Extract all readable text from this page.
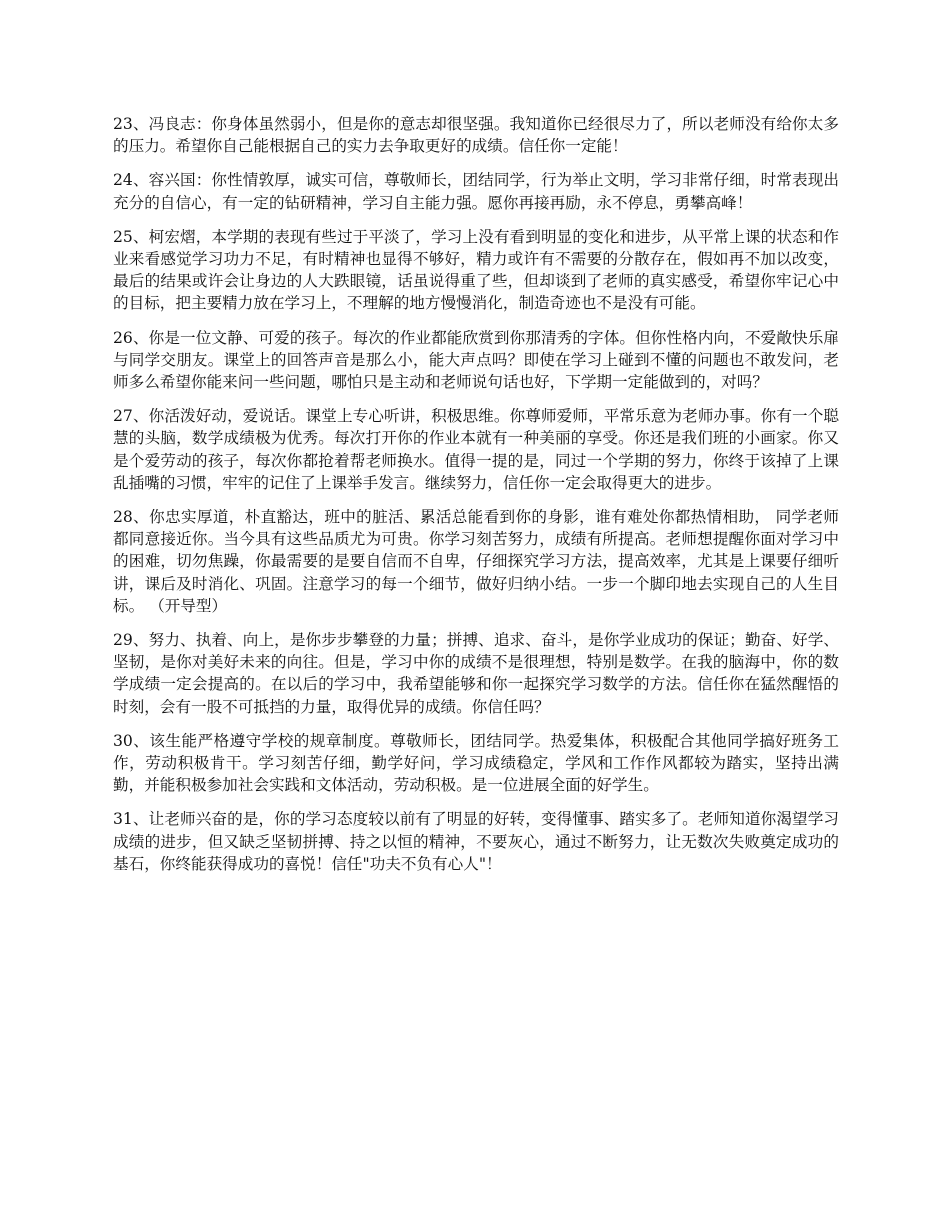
23、冯良志：你身体虽然弱小，但是你的意志却很坚强。我知道你已经很尽力了，所以老师没有给你太多的压力。希望你自己能根据自己的实力去争取更好的成绩。信任你一定能！

24、容兴国：你性情敦厚，诚实可信，尊敬师长，团结同学，行为举止文明，学习非常仔细，时常表现出充分的自信心，有一定的钻研精神，学习自主能力强。愿你再接再励，永不停息，勇攀高峰！

25、柯宏熠，本学期的表现有些过于平淡了，学习上没有看到明显的变化和进步，从平常上课的状态和作业来看感觉学习功力不足，有时精神也显得不够好，精力或许有不需要的分散存在，假如再不加以改变，最后的结果或许会让身边的人大跌眼镜，话虽说得重了些，但却谈到了老师的真实感受，希望你牢记心中的目标，把主要精力放在学习上，不理解的地方慢慢消化，制造奇迹也不是没有可能。

26、你是一位文静、可爱的孩子。每次的作业都能欣赏到你那清秀的字体。但你性格内向，不爱敞快乐扉与同学交朋友。课堂上的回答声音是那么小，能大声点吗？即使在学习上碰到不懂的问题也不敢发问，老师多么希望你能来问一些问题，哪怕只是主动和老师说句话也好，下学期一定能做到的，对吗？

27、你活泼好动，爱说话。课堂上专心听讲，积极思维。你尊师爱师，平常乐意为老师办事。你有一个聪慧的头脑，数学成绩极为优秀。每次打开你的作业本就有一种美丽的享受。你还是我们班的小画家。你又是个爱劳动的孩子，每次你都抢着帮老师换水。值得一提的是，同过一个学期的努力，你终于该掉了上课乱插嘴的习惯，牢牢的记住了上课举手发言。继续努力，信任你一定会取得更大的进步。

28、你忠实厚道，朴直豁达，班中的脏活、累活总能看到你的身影，谁有难处你都热情相助， 同学老师都同意接近你。当今具有这些品质尤为可贵。你学习刻苦努力，成绩有所提高。老师想提醒你面对学习中的困难，切勿焦躁，你最需要的是要自信而不自卑，仔细探究学习方法，提高效率，尤其是上课要仔细听讲，课后及时消化、巩固。注意学习的每一个细节，做好归纳小结。一步一个脚印地去实现自己的人生目标。 （开导型）

29、努力、执着、向上，是你步步攀登的力量；拼搏、追求、奋斗，是你学业成功的保证；勤奋、好学、坚韧，是你对美好未来的向往。但是，学习中你的成绩不是很理想，特别是数学。在我的脑海中，你的数学成绩一定会提高的。在以后的学习中，我希望能够和你一起探究学习数学的方法。信任你在猛然醒悟的时刻，会有一股不可抵挡的力量，取得优异的成绩。你信任吗？

30、该生能严格遵守学校的规章制度。尊敬师长，团结同学。热爱集体，积极配合其他同学搞好班务工作，劳动积极肯干。学习刻苦仔细，勤学好问，学习成绩稳定，学风和工作作风都较为踏实，坚持出满勤，并能积极参加社会实践和文体活动，劳动积极。是一位进展全面的好学生。

31、让老师兴奋的是，你的学习态度较以前有了明显的好转，变得懂事、踏实多了。老师知道你渴望学习成绩的进步，但又缺乏坚韧拼搏、持之以恒的精神，不要灰心，通过不断努力，让无数次失败奠定成功的基石，你终能获得成功的喜悦！信任"功夫不负有心人"！
